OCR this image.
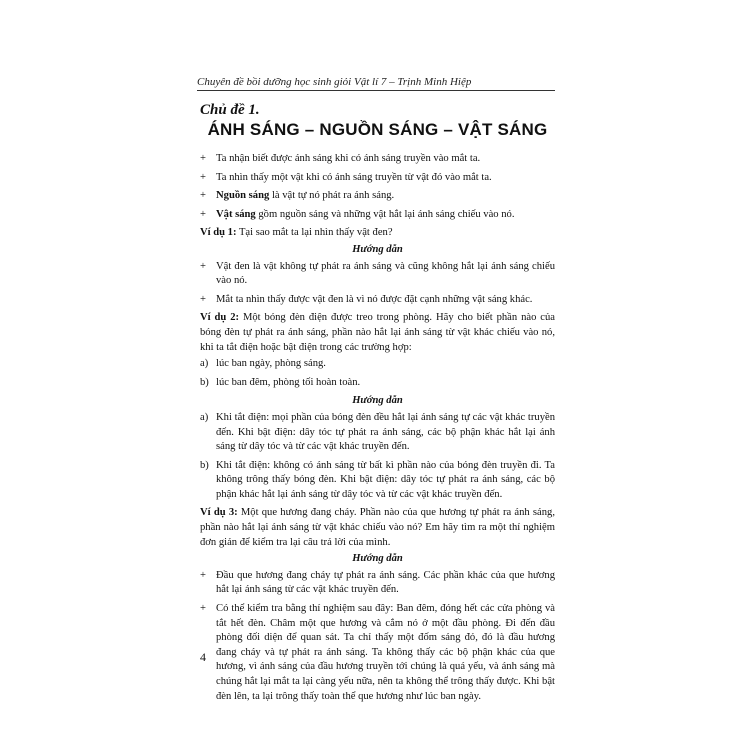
Chuyên đề bồi dưỡng học sinh giỏi Vật lí 7 – Trịnh Minh Hiệp
Chủ đề 1.
ÁNH SÁNG – NGUỒN SÁNG – VẬT SÁNG
+ Ta nhận biết được ánh sáng khi có ánh sáng truyền vào mắt ta.
+ Ta nhìn thấy một vật khi có ánh sáng truyền từ vật đó vào mắt ta.
+ Nguồn sáng là vật tự nó phát ra ánh sáng.
+ Vật sáng gồm nguồn sáng và những vật hắt lại ánh sáng chiếu vào nó.
Ví dụ 1: Tại sao mắt ta lại nhìn thấy vật đen?
Hướng dẫn
+ Vật đen là vật không tự phát ra ánh sáng và cũng không hắt lại ánh sáng chiếu vào nó.
+ Mắt ta nhìn thấy được vật đen là vì nó được đặt cạnh những vật sáng khác.
Ví dụ 2: Một bóng đèn điện được treo trong phòng. Hãy cho biết phần nào của bóng đèn tự phát ra ánh sáng, phần nào hắt lại ánh sáng từ vật khác chiếu vào nó, khi ta tắt điện hoặc bật điện trong các trường hợp:
a) lúc ban ngày, phòng sáng.
b) lúc ban đêm, phòng tối hoàn toàn.
Hướng dẫn
a) Khi tắt điện: mọi phần của bóng đèn đều hắt lại ánh sáng tự các vật khác truyền đến. Khi bật điện: dây tóc tự phát ra ánh sáng, các bộ phận khác hắt lại ánh sáng từ dây tóc và từ các vật khác truyền đến.
b) Khi tắt điện: không có ánh sáng từ bất kì phần nào của bóng đèn truyền đi. Ta không trông thấy bóng đèn. Khi bật điện: dây tóc tự phát ra ánh sáng, các bộ phận khác hắt lại ánh sáng từ dây tóc và từ các vật khác truyền đến.
Ví dụ 3: Một que hương đang cháy. Phần nào của que hương tự phát ra ánh sáng, phần nào hắt lại ánh sáng từ vật khác chiếu vào nó? Em hãy tìm ra một thí nghiệm đơn giản để kiểm tra lại câu trả lời của mình.
Hướng dẫn
+ Đầu que hương đang cháy tự phát ra ánh sáng. Các phần khác của que hương hắt lại ánh sáng từ các vật khác truyền đến.
+ Có thể kiểm tra bằng thí nghiệm sau đây: Ban đêm, đóng hết các cửa phòng và tắt hết đèn. Châm một que hương và cắm nó ở một đầu phòng. Đi đến đầu phòng đối diện để quan sát. Ta chỉ thấy một đốm sáng đỏ, đó là đầu hương đang cháy và tự phát ra ánh sáng. Ta không thấy các bộ phận khác của que hương, vì ánh sáng của đầu hương truyền tới chúng là quá yếu, và ánh sáng mà chúng hắt lại mắt ta lại càng yếu nữa, nên ta không thể trông thấy được. Khi bật đèn lên, ta lại trông thấy toàn thể que hương như lúc ban ngày.
4
